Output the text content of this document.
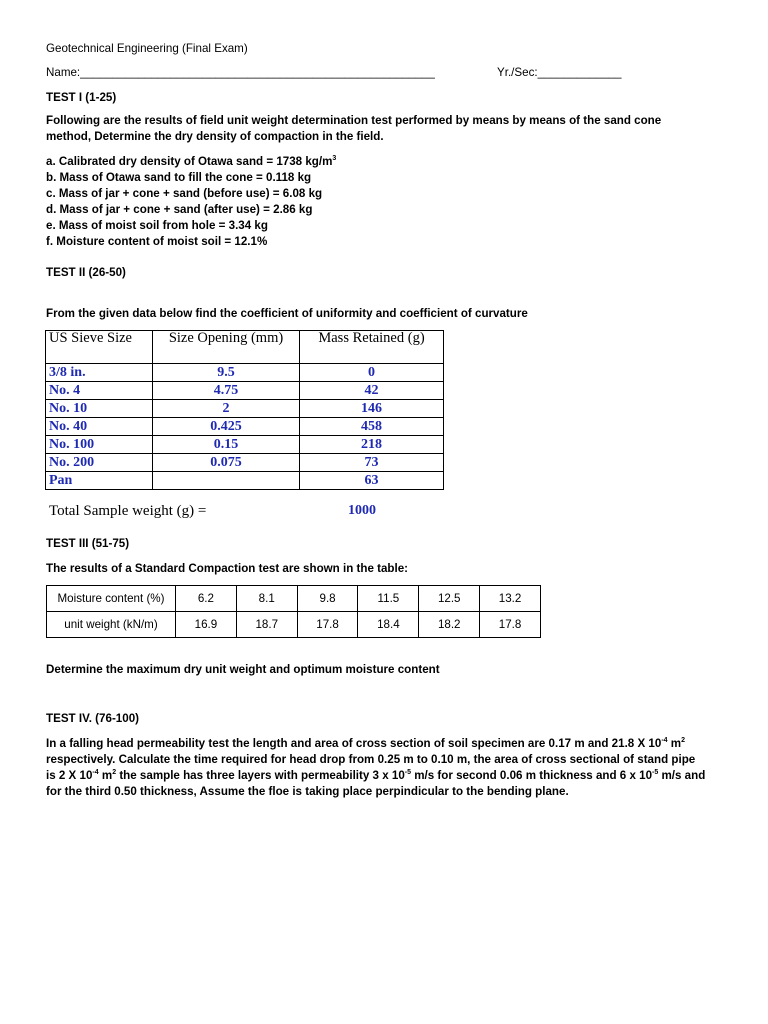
Geotechnical Engineering (Final Exam)
Name:_______________________________________________________	Yr./Sec:_____________
TEST I (1-25)
Following are the results of field unit weight determination test performed by means by means of the sand cone
method, Determine the dry density of compaction in the field.
a. Calibrated dry density of Otawa sand = 1738 $kg/m^3$
b. Mass of Otawa sand to fill the cone = 0.118 kg
c. Mass of jar + cone + sand (before use) = 6.08 kg
d. Mass of jar + cone + sand (after use) = 2.86 kg
e. Mass of moist soil from hole = 3.34 kg
f. Moisture content of moist soil = 12.1%
TEST II (26-50)
From the given data below find the coefficient of uniformity and coefficient of curvature
US Sieve Size	Size Opening (mm)	Mass Retained (g)
3/8 in.	9.5	0
No. 4	4.75	42
No. 10	2	146
No. 40	0.425	458
No. 100	0.15	218
No. 200	0.075	73
Pan		63
Total Sample weight (g) =	1000
TEST III (51-75)
The results of a Standard Compaction test are shown in the table:
Moisture content (%)	6.2	8.1	9.8	11.5	12.5	13.2
unit weight (kN/m)	16.9	18.7	17.8	18.4	18.2	17.8
Determine the maximum dry unit weight and optimum moisture content
TEST IV. (76-100)
In a falling head permeability test the length and area of cross section of soil specimen are 0.17 m and 21.8 X $10^{-4}$ $m^2$
respectively. Calculate the time required for head drop from 0.25 m to 0.10 m, the area of cross sectional of stand pipe
is 2 X $10^{-4}$ $m^2$ the sample has three layers with permeability 3 x $10^{-5}$ m/s for second 0.06 m thickness and 6 x $10^{-5}$ m/s and
for the third 0.50 thickness, Assume the floe is taking place perpindicular to the bending plane.
